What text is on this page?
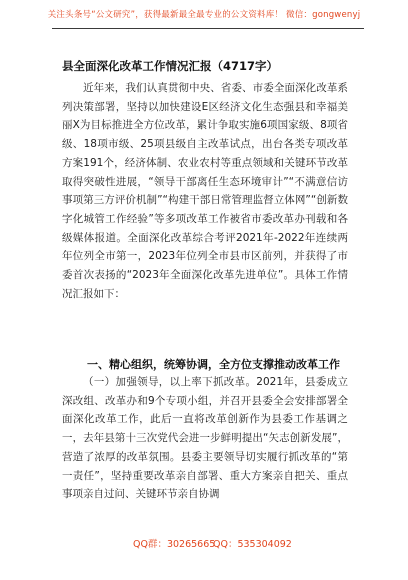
关注头条号“公文研究”，获得最新最全最专业的公文资料库！ 微信：gongwenyj
县全面深化改革工作情况汇报（4717字）

近年来，我们认真贯彻中央、省委、市委全面深化改革系列决策部署，坚持以加快建设E区经济文化生态强县和幸福美丽X为目标推进全方位改革，累计争取实施6项国家级、8项省级、18项市级、25项县级自主改革试点，出台各类专项改革方案191个，经济体制、农业农村等重点领域和关键环节改革取得突破性进展，“领导干部离任生态环境审计”“不满意信访事项第三方评价机制”“构建干部日常管理监督立体网”“创新数字化城管工作经验”等多项改革工作被省市委改革办刊载和各级媒体报道。全面深化改革综合考评2021年-2022年连续两年位列全市第一，2023年位列全市县市区前列，并获得了市委首次表扬的“2023年全面深化改革先进单位”。具体工作情况汇报如下：

一、精心组织，统筹协调，全方位支撑推动改革工作

（一）加强领导，以上率下抓改革。2021年，县委成立深改组、改革办和9个专项小组，并召开县委全会安排部署全面深化改革工作，此后一直将改革创新作为县委工作基调之一，去年县第十三次党代会进一步鲜明提出“矢志创新发展”，营造了浓厚的改革氛围。县委主要领导切实履行抓改革的“第一责任”，坚持重要改革亲自部署、重大方案亲自把关、重点事项亲自过问、关键环节亲自协调

QQ群：30265665
QQ：535304092
